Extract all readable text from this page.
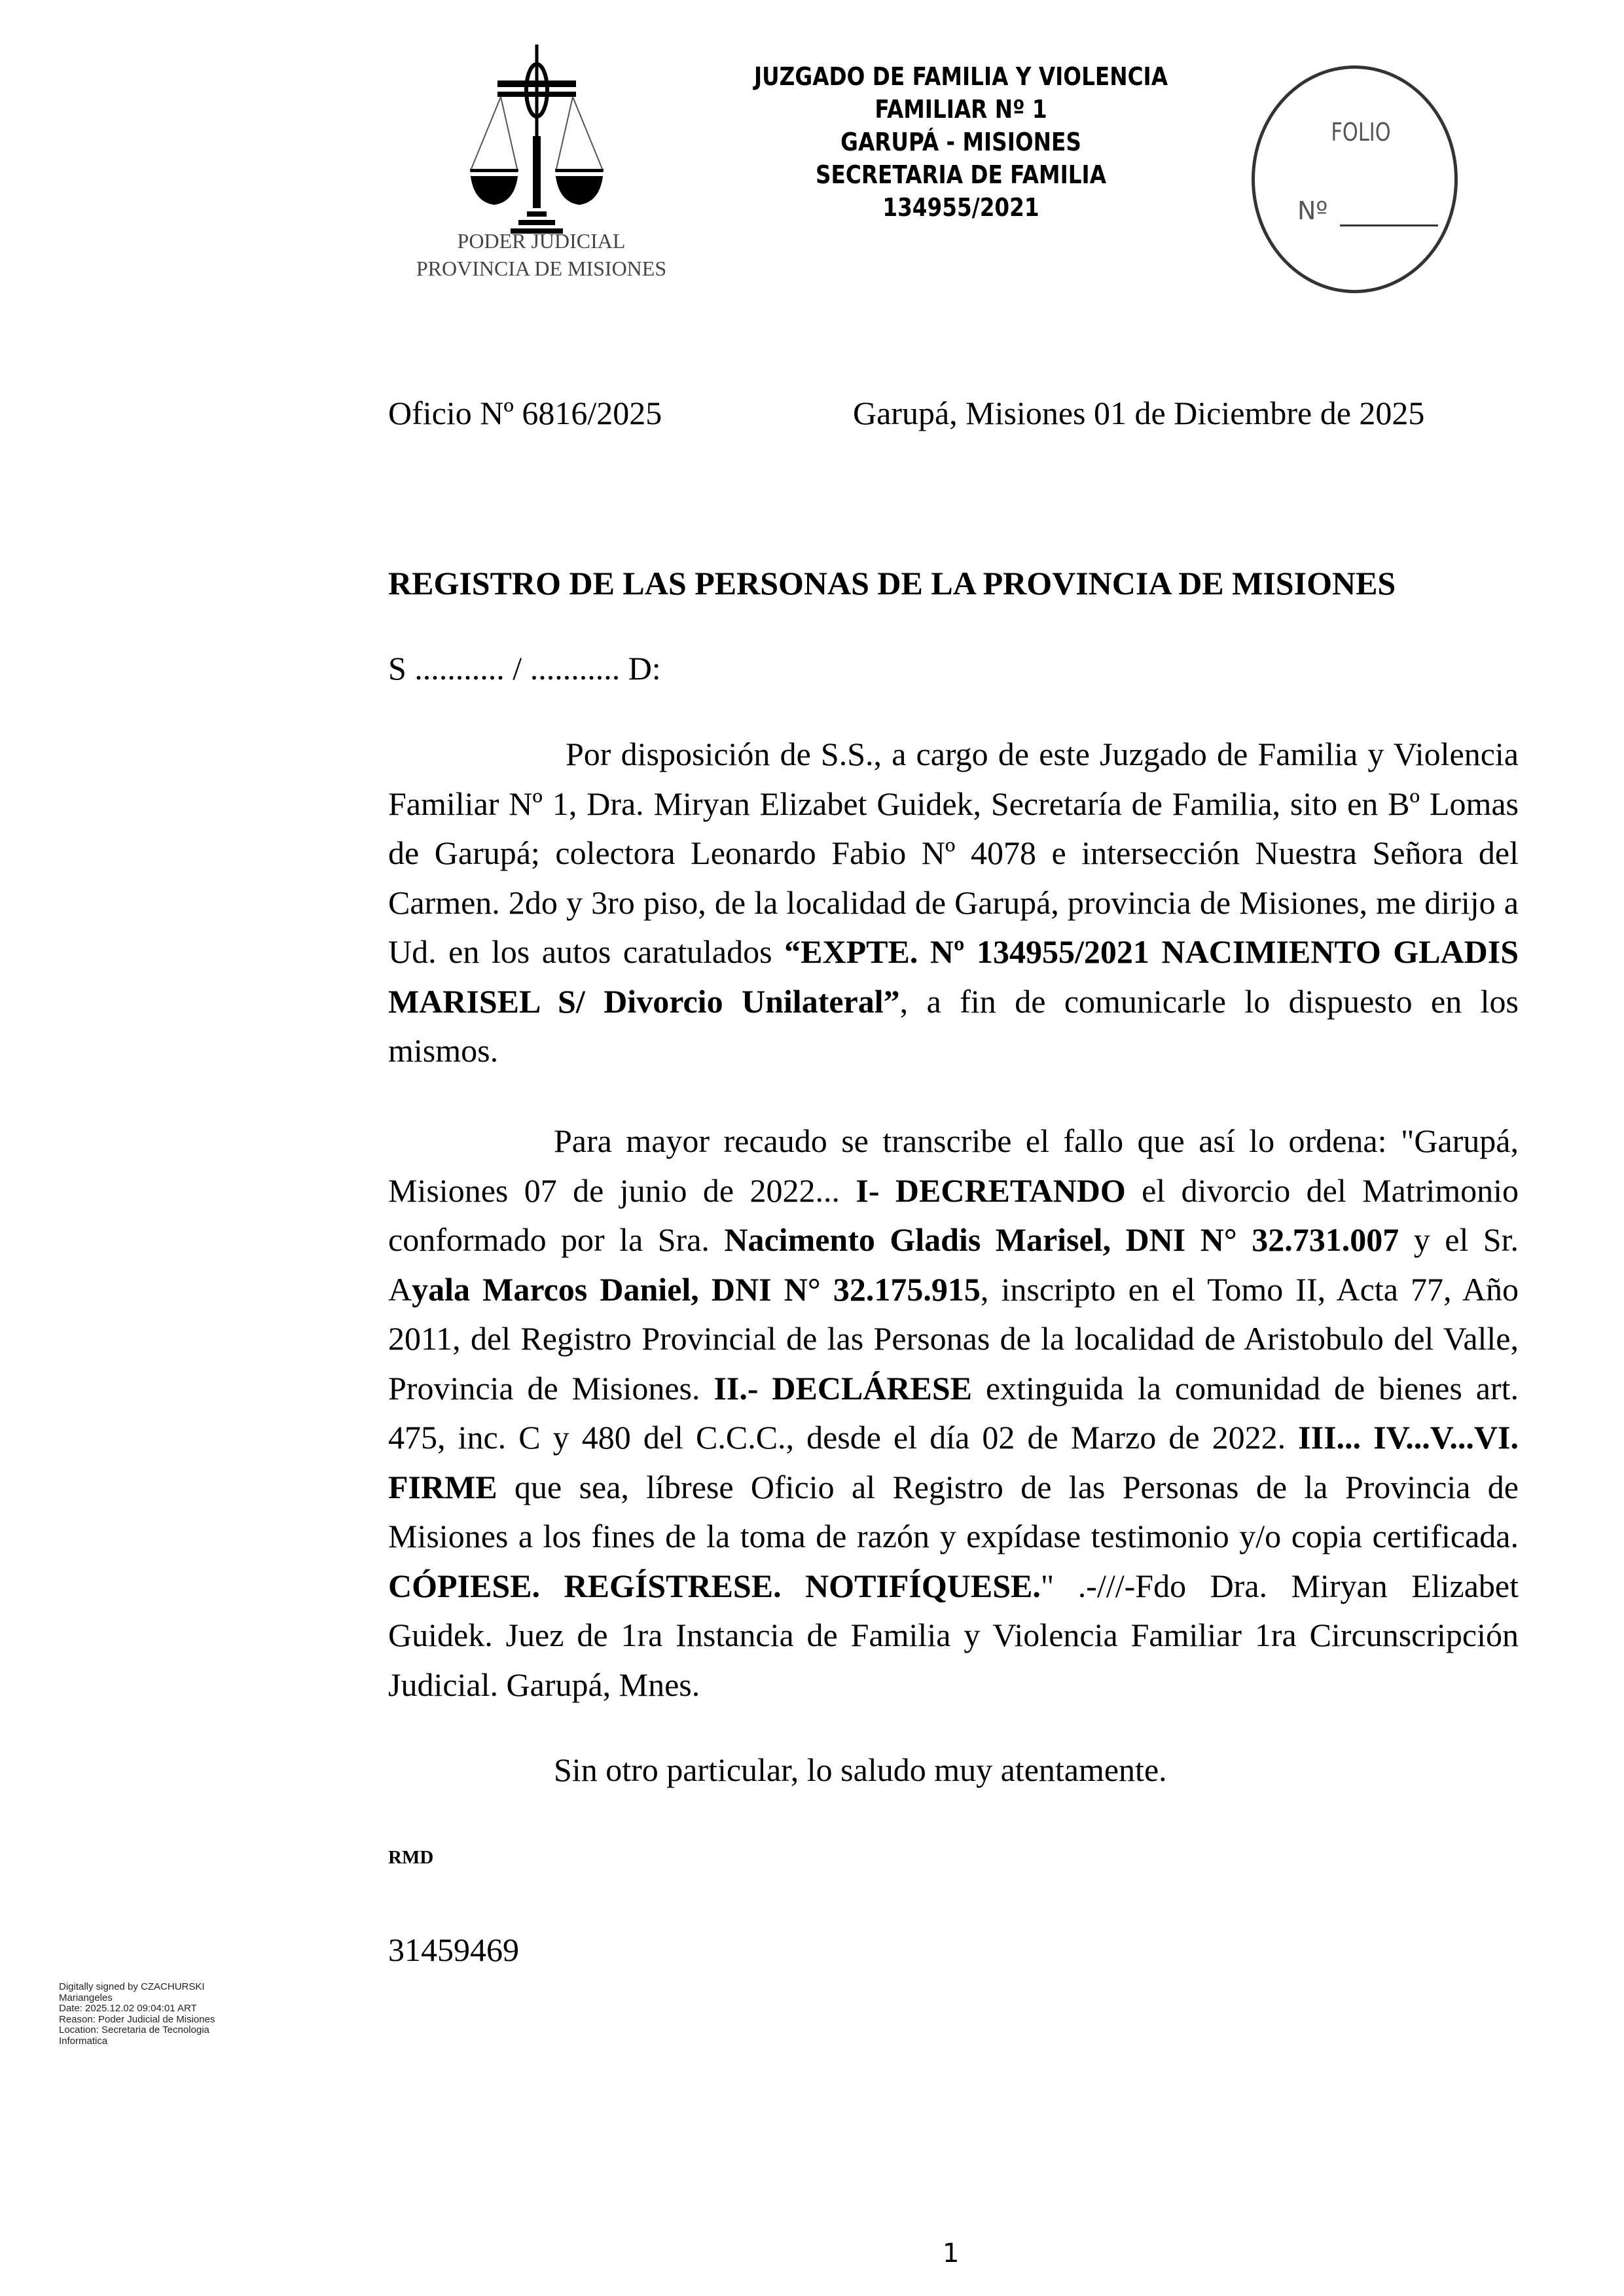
PODER JUDICIAL
PROVINCIA DE MISIONES
JUZGADO DE FAMILIA Y VIOLENCIA
FAMILIAR Nº 1
GARUPÁ - MISIONES
SECRETARIA DE FAMILIA
134955/2021
FOLIO
Nº
Oficio Nº 6816/2025	Garupá, Misiones 01 de Diciembre de 2025
REGISTRO DE LAS PERSONAS DE LA PROVINCIA DE MISIONES
S ........... / ........... D:
Por disposición de S.S., a cargo de este Juzgado de Familia y Violencia Familiar Nº 1, Dra. Miryan Elizabet Guidek, Secretaría de Familia, sito en Bº Lomas de Garupá; colectora Leonardo Fabio Nº 4078 e intersección Nuestra Señora del Carmen. 2do y 3ro piso, de la localidad de Garupá, provincia de Misiones, me dirijo a Ud. en los autos caratulados “EXPTE. Nº 134955/2021 NACIMIENTO GLADIS MARISEL S/ Divorcio Unilateral”, a fin de comunicarle lo dispuesto en los mismos.
Para mayor recaudo se transcribe el fallo que así lo ordena: "Garupá, Misiones 07 de junio de 2022... I- DECRETANDO el divorcio del Matrimonio conformado por la Sra. Nacimento Gladis Marisel, DNI N° 32.731.007 y el Sr. Ayala Marcos Daniel, DNI N° 32.175.915, inscripto en el Tomo II, Acta 77, Año 2011, del Registro Provincial de las Personas de la localidad de Aristobulo del Valle, Provincia de Misiones. II.- DECLÁRESE extinguida la comunidad de bienes art. 475, inc. C y 480 del C.C.C., desde el día 02 de Marzo de 2022. III... IV...V...VI. FIRME que sea, líbrese Oficio al Registro de las Personas de la Provincia de Misiones a los fines de la toma de razón y expídase testimonio y/o copia certificada. CÓPIESE. REGÍSTRESE. NOTIFÍQUESE." .-///-Fdo Dra. Miryan Elizabet Guidek. Juez de 1ra Instancia de Familia y Violencia Familiar 1ra Circunscripción Judicial. Garupá, Mnes.
Sin otro particular, lo saludo muy atentamente.
RMD
31459469
Digitally signed by CZACHURSKI
Mariangeles
Date: 2025.12.02 09:04:01 ART
Reason: Poder Judicial de Misiones
Location: Secretaria de Tecnologia
Informatica
1
